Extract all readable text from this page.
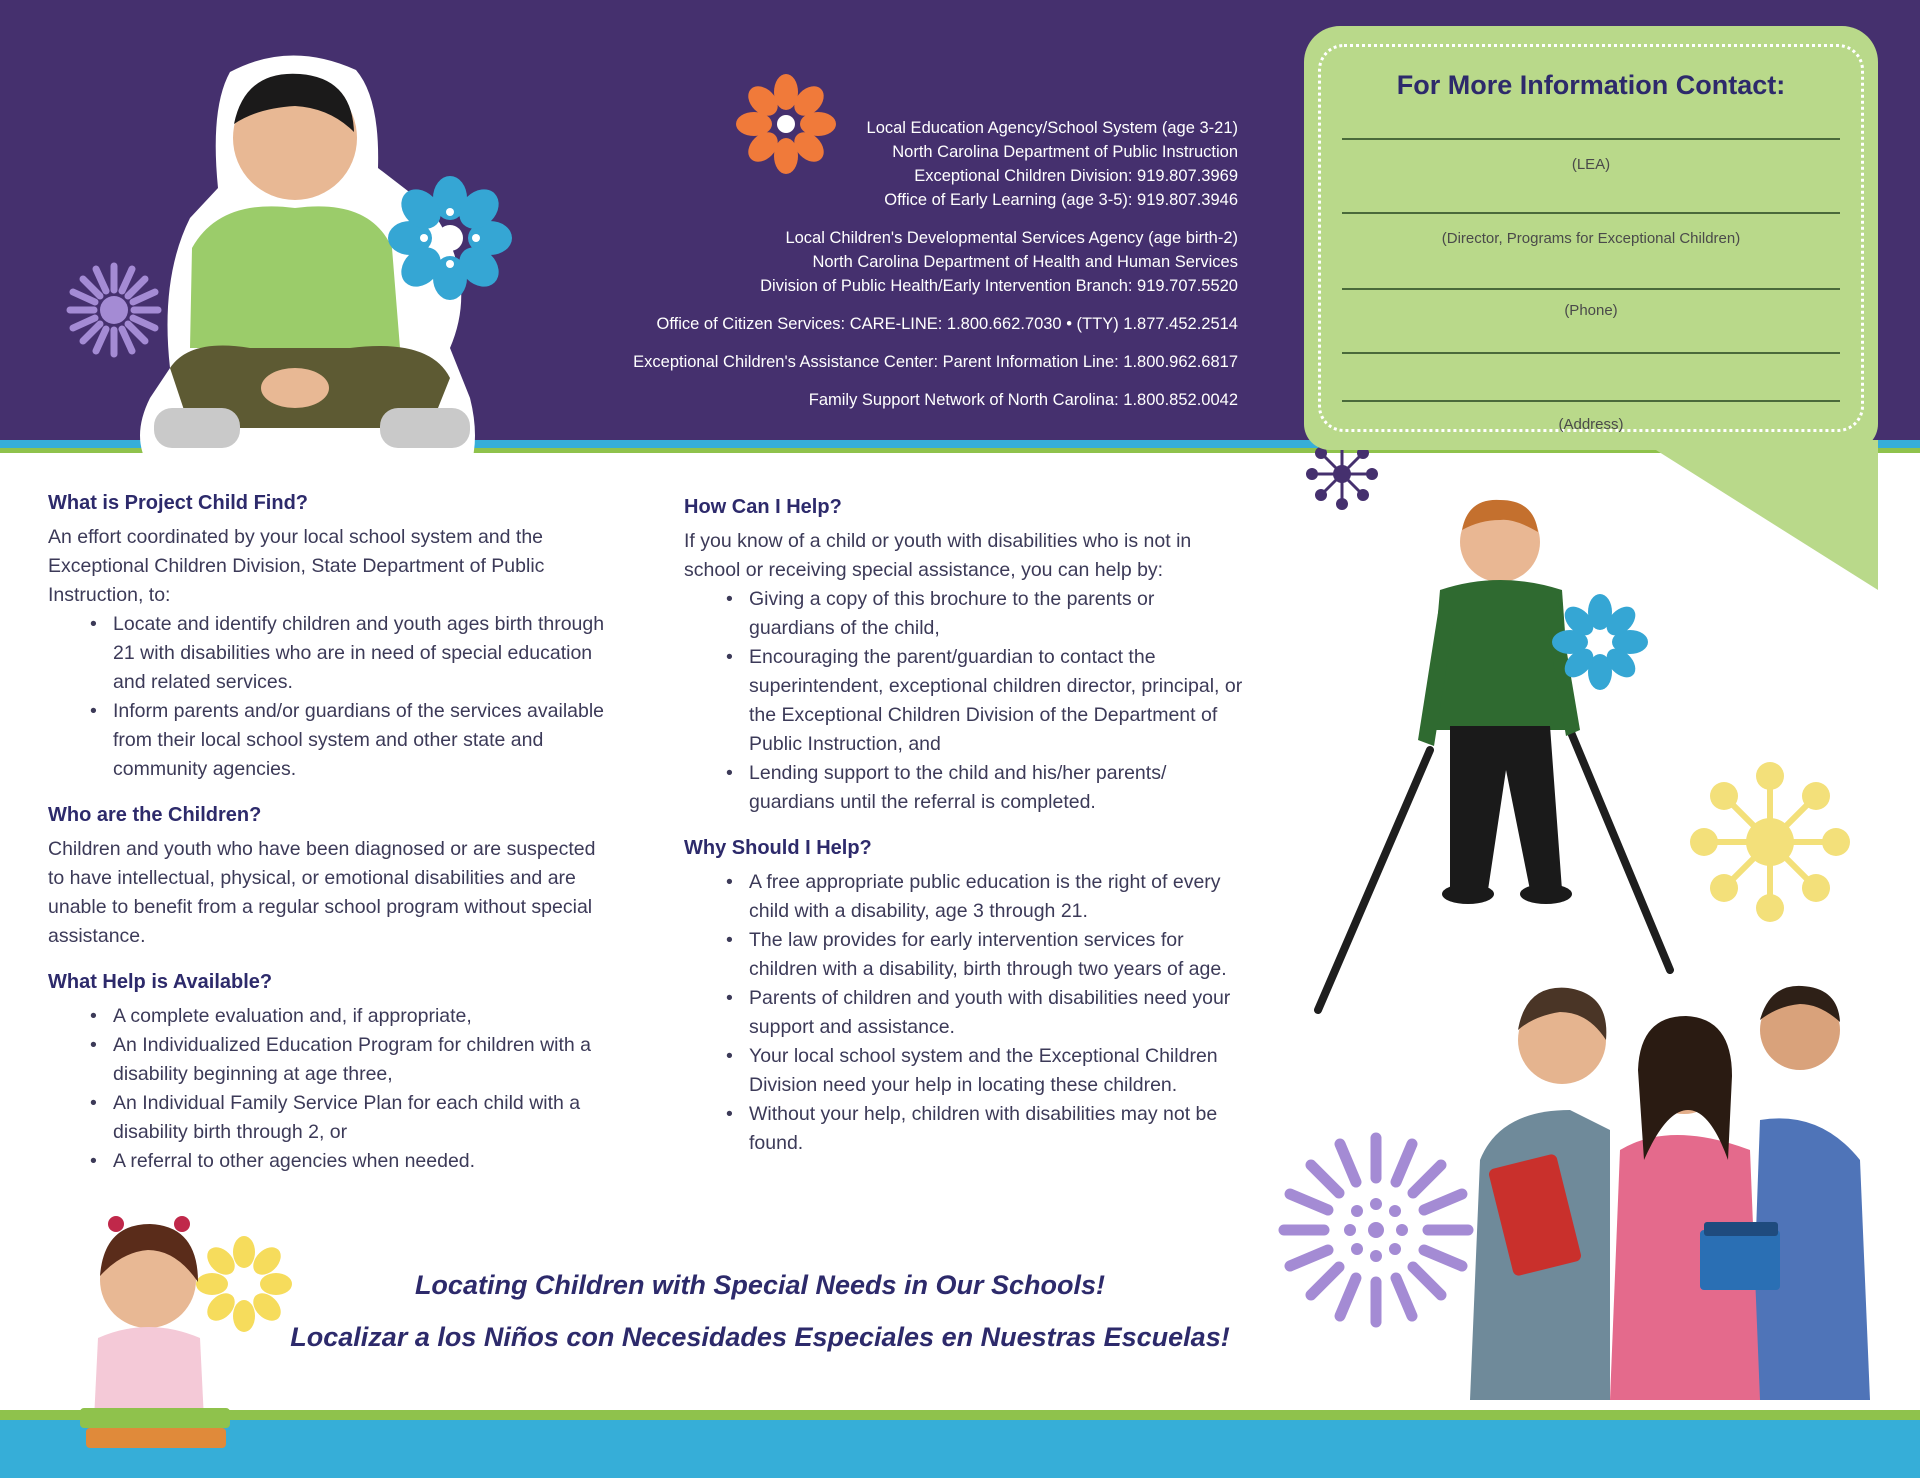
Local Education Agency/School System (age 3-21)
North Carolina Department of Public Instruction
Exceptional Children Division: 919.807.3969
Office of Early Learning (age 3-5): 919.807.3946
Local Children's Developmental Services Agency (age birth-2)
North Carolina Department of Health and Human Services
Division of Public Health/Early Intervention Branch: 919.707.5520
Office of Citizen Services: CARE-LINE: 1.800.662.7030 • (TTY) 1.877.452.2514
Exceptional Children's Assistance Center: Parent Information Line: 1.800.962.6817
Family Support Network of North Carolina: 1.800.852.0042
For More Information Contact:
(LEA)
(Director, Programs for Exceptional Children)
(Phone)
(Address)
What is Project Child Find?

An effort coordinated by your local school system and the Exceptional Children Division, State Department of Public Instruction, to:

• Locate and identify children and youth ages birth through 21 with disabilities who are in need of special education and related services.
• Inform parents and/or guardians of the services available from their local school system and other state and community agencies.
Who are the Children?

Children and youth who have been diagnosed or are suspected to have intellectual, physical, or emotional disabilities and are unable to benefit from a regular school program without special assistance.

What Help is Available?
• A complete evaluation and, if appropriate,
• An Individualized Education Program for children with a disability beginning at age three,
• An Individual Family Service Plan for each child with a disability birth through 2, or
• A referral to other agencies when needed.
How Can I Help?

If you know of a child or youth with disabilities who is not in school or receiving special assistance, you can help by:

• Giving a copy of this brochure to the parents or guardians of the child,
• Encouraging the parent/guardian to contact the superintendent, exceptional children director, principal, or the Exceptional Children Division of the Department of Public Instruction, and
• Lending support to the child and his/her parents/ guardians until the referral is completed.
Why Should I Help?
• A free appropriate public education is the right of every child with a disability, age 3 through 21.
• The law provides for early intervention services for children with a disability, birth through two years of age.
• Parents of children and youth with disabilities need your support and assistance.
• Your local school system and the Exceptional Children Division need your help in locating these children.
• Without your help, children with disabilities may not be found.
Locating Children with Special Needs in Our Schools!
Localizar a los Niños con Necesidades Especiales en Nuestras Escuelas!
